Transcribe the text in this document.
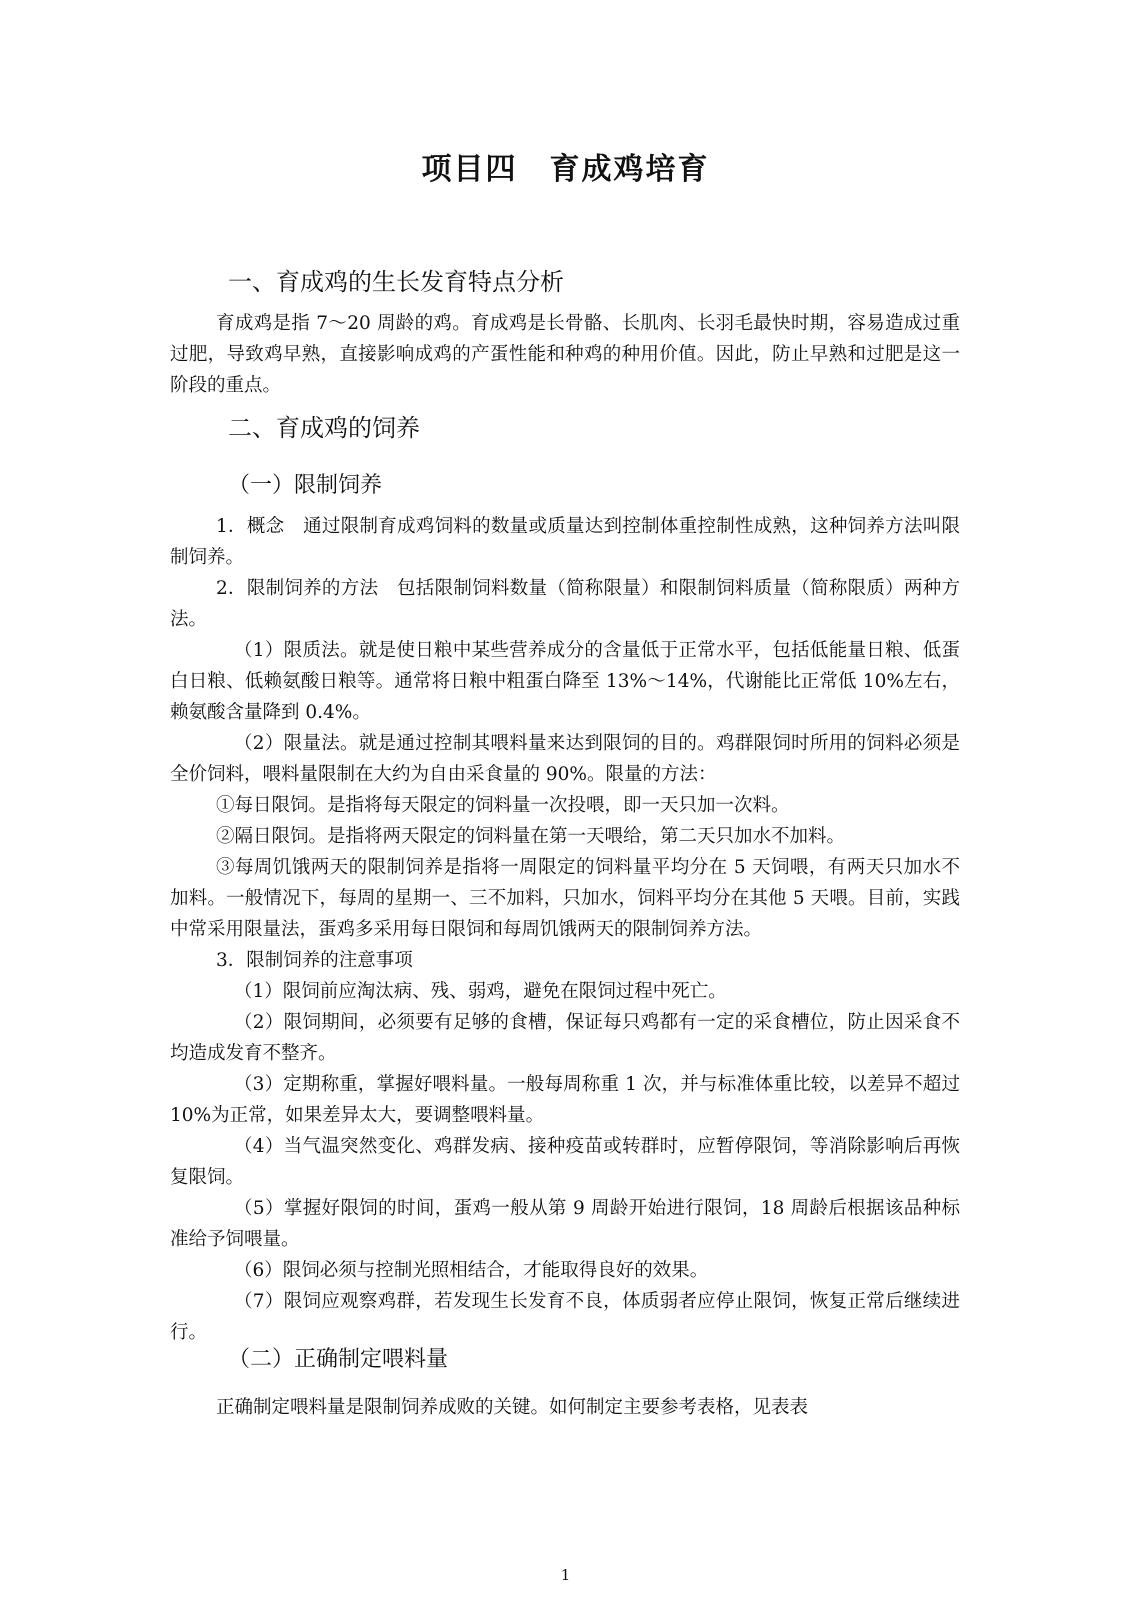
项目四　育成鸡培育
一、育成鸡的生长发育特点分析

育成鸡是指 7～20 周龄的鸡。育成鸡是长骨骼、长肌肉、长羽毛最快时期，容易造成过重过肥，导致鸡早熟，直接影响成鸡的产蛋性能和种鸡的种用价值。因此，防止早熟和过肥是这一阶段的重点。

二、育成鸡的饲养
（一）限制饲养

1．概念　通过限制育成鸡饲料的数量或质量达到控制体重控制性成熟，这种饲养方法叫限制饲养。

2．限制饲养的方法　包括限制饲料数量（简称限量）和限制饲料质量（简称限质）两种方法。

（1）限质法。就是使日粮中某些营养成分的含量低于正常水平，包括低能量日粮、低蛋白日粮、低赖氨酸日粮等。通常将日粮中粗蛋白降至 13%～14%，代谢能比正常低 10%左右，赖氨酸含量降到 0.4%。

（2）限量法。就是通过控制其喂料量来达到限饲的目的。鸡群限饲时所用的饲料必须是全价饲料，喂料量限制在大约为自由采食量的 90%。限量的方法：

①每日限饲。是指将每天限定的饲料量一次投喂，即一天只加一次料。

②隔日限饲。是指将两天限定的饲料量在第一天喂给，第二天只加水不加料。

③每周饥饿两天的限制饲养是指将一周限定的饲料量平均分在 5 天饲喂，有两天只加水不加料。一般情况下，每周的星期一、三不加料，只加水，饲料平均分在其他 5 天喂。目前，实践中常采用限量法，蛋鸡多采用每日限饲和每周饥饿两天的限制饲养方法。

3．限制饲养的注意事项

（1）限饲前应淘汰病、残、弱鸡，避免在限饲过程中死亡。

（2）限饲期间，必须要有足够的食槽，保证每只鸡都有一定的采食槽位，防止因采食不均造成发育不整齐。

（3）定期称重，掌握好喂料量。一般每周称重 1 次，并与标准体重比较，以差异不超过 10%为正常，如果差异太大，要调整喂料量。

（4）当气温突然变化、鸡群发病、接种疫苗或转群时，应暂停限饲，等消除影响后再恢复限饲。

（5）掌握好限饲的时间，蛋鸡一般从第 9 周龄开始进行限饲，18 周龄后根据该品种标准给予饲喂量。

（6）限饲必须与控制光照相结合，才能取得良好的效果。

（7）限饲应观察鸡群，若发现生长发育不良，体质弱者应停止限饲，恢复正常后继续进行。

（二）正确制定喂料量

正确制定喂料量是限制饲养成败的关键。如何制定主要参考表格，见表表

1
